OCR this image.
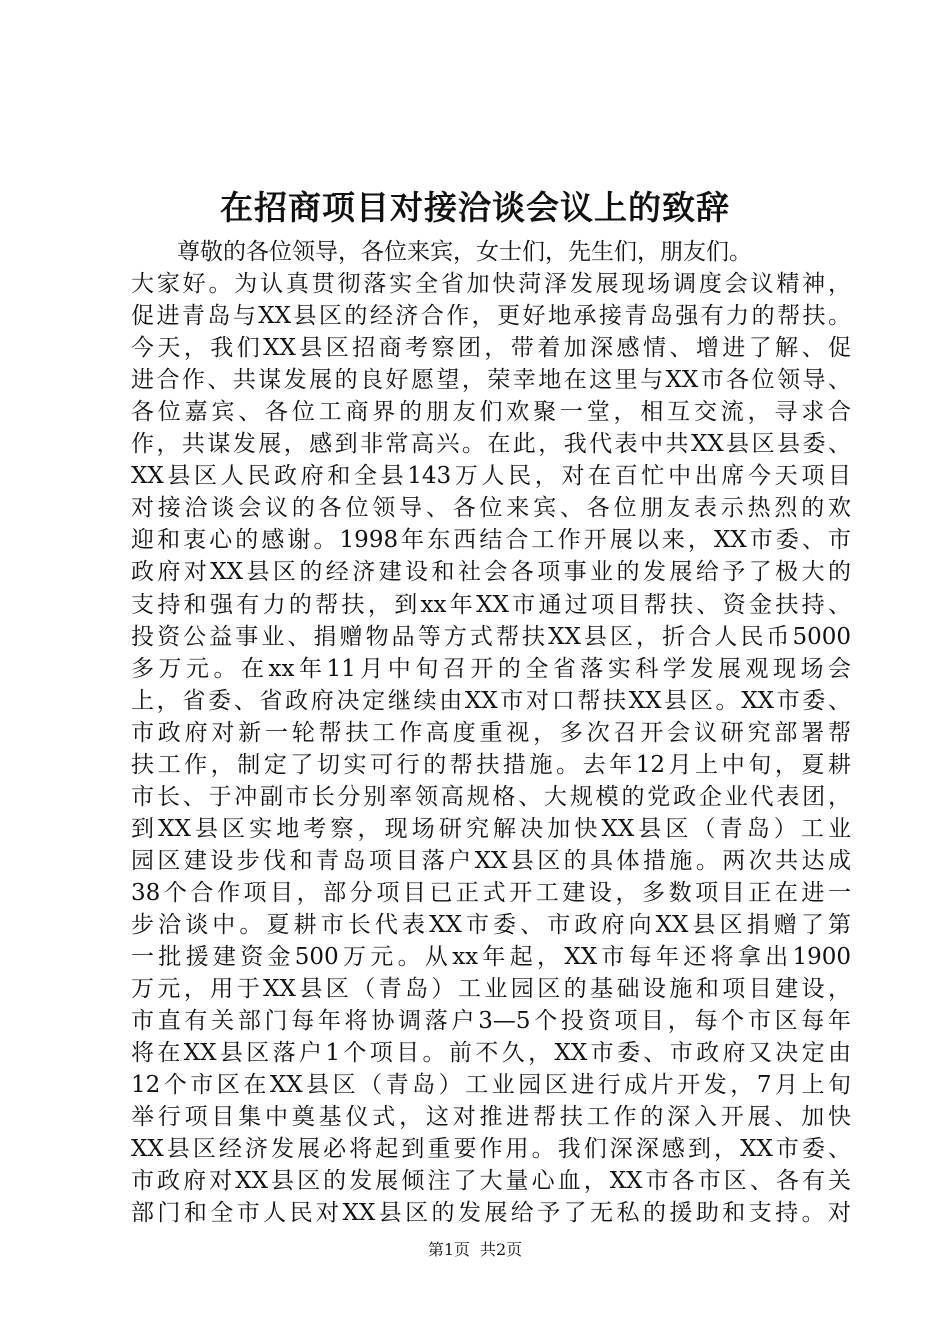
在招商项目对接洽谈会议上的致辞
尊敬的各位领导，各位来宾，女士们，先生们，朋友们。
大家好。为认真贯彻落实全省加快菏泽发展现场调度会议精神，
促进青岛与XX县区的经济合作，更好地承接青岛强有力的帮扶。
今天，我们XX县区招商考察团，带着加深感情、增进了解、促
进合作、共谋发展的良好愿望，荣幸地在这里与XX市各位领导、
各位嘉宾、各位工商界的朋友们欢聚一堂，相互交流，寻求合
作，共谋发展，感到非常高兴。在此，我代表中共XX县区县委、
XX县区人民政府和全县143万人民，对在百忙中出席今天项目
对接洽谈会议的各位领导、各位来宾、各位朋友表示热烈的欢
迎和衷心的感谢。1998年东西结合工作开展以来，XX市委、市
政府对XX县区的经济建设和社会各项事业的发展给予了极大的
支持和强有力的帮扶，到xx年XX市通过项目帮扶、资金扶持、
投资公益事业、捐赠物品等方式帮扶XX县区，折合人民币5000
多万元。在xx年11月中旬召开的全省落实科学发展观现场会
上，省委、省政府决定继续由XX市对口帮扶XX县区。XX市委、
市政府对新一轮帮扶工作高度重视，多次召开会议研究部署帮
扶工作，制定了切实可行的帮扶措施。去年12月上中旬，夏耕
市长、于冲副市长分别率领高规格、大规模的党政企业代表团，
到XX县区实地考察，现场研究解决加快XX县区（青岛）工业
园区建设步伐和青岛项目落户XX县区的具体措施。两次共达成
38个合作项目，部分项目已正式开工建设，多数项目正在进一
步洽谈中。夏耕市长代表XX市委、市政府向XX县区捐赠了第
一批援建资金500万元。从xx年起，XX市每年还将拿出1900
万元，用于XX县区（青岛）工业园区的基础设施和项目建设，
市直有关部门每年将协调落户3—5个投资项目，每个市区每年
将在XX县区落户1个项目。前不久，XX市委、市政府又决定由
12个市区在XX县区（青岛）工业园区进行成片开发，7月上旬
举行项目集中奠基仪式，这对推进帮扶工作的深入开展、加快
XX县区经济发展必将起到重要作用。我们深深感到，XX市委、
市政府对XX县区的发展倾注了大量心血，XX市各市区、各有关
部门和全市人民对XX县区的发展给予了无私的援助和支持。对
第1页 共2页
